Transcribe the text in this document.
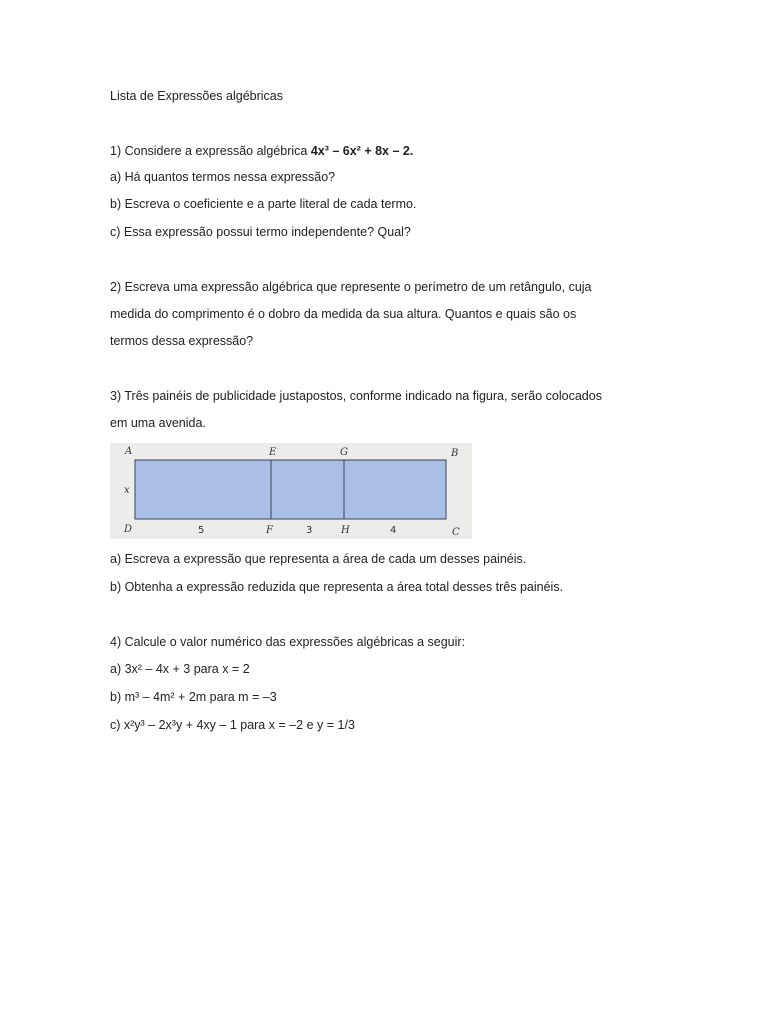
Lista de Expressões algébricas
1) Considere a expressão algébrica 4x³ – 6x² + 8x – 2.
a) Há quantos termos nessa expressão?
b) Escreva o coeficiente e a parte literal de cada termo.
c) Essa expressão possui termo independente? Qual?
2) Escreva uma expressão algébrica que represente o perímetro de um retângulo, cuja
medida do comprimento é o dobro da medida da sua altura. Quantos e quais são os
termos dessa expressão?
3) Três painéis de publicidade justapostos, conforme indicado na figura, serão colocados
em uma avenida.
A	E	G	B
x
D	5	F	3	H	4	C
a) Escreva a expressão que representa a área de cada um desses painéis.
b) Obtenha a expressão reduzida que representa a área total desses três painéis.
4) Calcule o valor numérico das expressões algébricas a seguir:
a) 3x² – 4x + 3 para x = 2
b) m³ – 4m² + 2m para m = –3
c) x²y³ – 2x³y + 4xy – 1 para x = –2 e y = 1/3
